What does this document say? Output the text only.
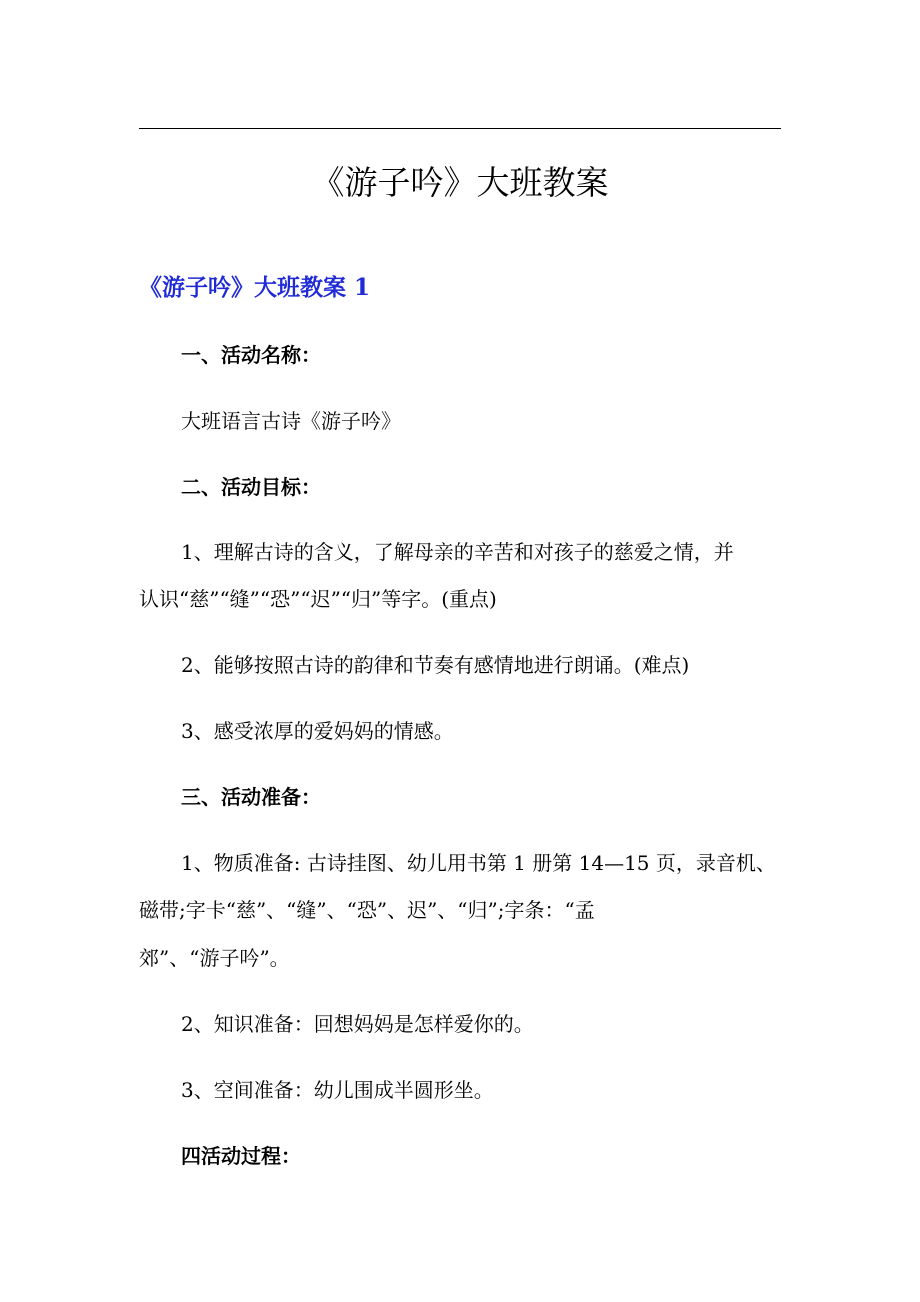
《游子吟》大班教案
《游子吟》大班教案 1

一、活动名称：

大班语言古诗《游子吟》

二、活动目标：

1、理解古诗的含义，了解母亲的辛苦和对孩子的慈爱之情，并

认识“慈”“缝”“恐”“迟”“归”等字。(重点)

2、能够按照古诗的韵律和节奏有感情地进行朗诵。(难点)

3、感受浓厚的爱妈妈的情感。

三、活动准备：

1、物质准备: 古诗挂图、幼儿用书第 1 册第 14—15 页，录音机、

磁带;字卡“慈”、“缝”、“恐”、迟”、“归”;字条：“孟

郊”、“游子吟”。

2、知识准备：回想妈妈是怎样爱你的。

3、空间准备：幼儿围成半圆形坐。

四活动过程：
